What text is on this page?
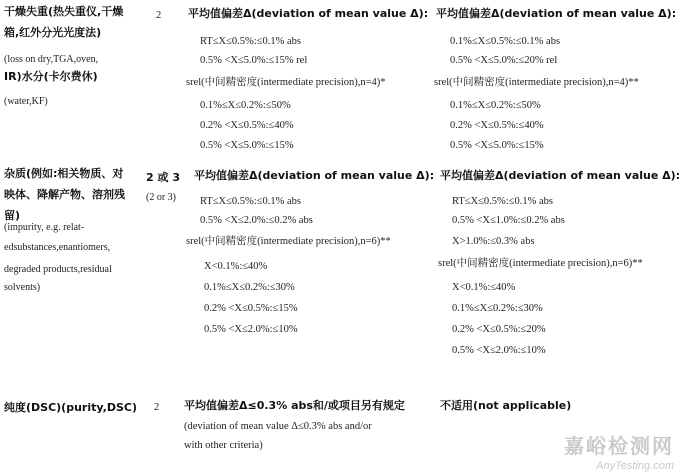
干燥失重(热失重仪,干燥
箱,红外分光光度法)
(loss on dry,TGA,oven,
IR)水分(卡尔费休)
(water,KF)
2 平均值偏差Δ(deviation of mean value Δ):
RT≤X≤0.5%:≤0.1% abs
0.5% <X≤5.0%:≤15% rel
srel(中间精密度(intermediate precision),n=4)*
0.1%≤X≤0.2%:≤50%
0.2% <X≤0.5%:≤40%
0.5% <X≤5.0%:≤15%
平均值偏差Δ(deviation of mean value Δ):
0.1%≤X≤0.5%:≤0.1% abs
0.5% <X≤5.0%:≤20% rel
srel(中间精密度(intermediate precision),n=4)**
0.1%≤X≤0.2%:≤50%
0.2% <X≤0.5%:≤40%
0.5% <X≤5.0%:≤15%
杂质(例如:相关物质、对
映体、降解产物、溶剂残
留)
(impurity, e.g. relat-
edsubstances,enantiomers,
degraded products,residual
solvents)
2 或 3
(2 or 3)
平均值偏差Δ(deviation of mean value Δ):
RT≤X≤0.5%:≤0.1% abs
0.5% <X≤2.0%:≤0.2% abs
srel(中间精密度(intermediate precision),n=6)**
X<0.1%:≤40%
0.1%≤X≤0.2%:≤30%
0.2% <X≤0.5%:≤15%
0.5% <X≤2.0%:≤10%
平均值偏差Δ(deviation of mean value Δ):
RT≤X≤0.5%:≤0.1% abs
0.5% <X≤1.0%:≤0.2% abs
X>1.0%:≤0.3% abs
srel(中间精密度(intermediate precision),n=6)**
X<0.1%:≤40%
0.1%≤X≤0.2%:≤30%
0.2% <X≤0.5%:≤20%
0.5% <X≤2.0%:≤10%
纯度(DSC)(purity,DSC) 2 平均值偏差Δ≤0.3% abs和/或项目另有规定
(deviation of mean value Δ≤0.3% abs and/or
with other criteria)
不适用(not applicable)
嘉峪检测网
AnyTesting.com
